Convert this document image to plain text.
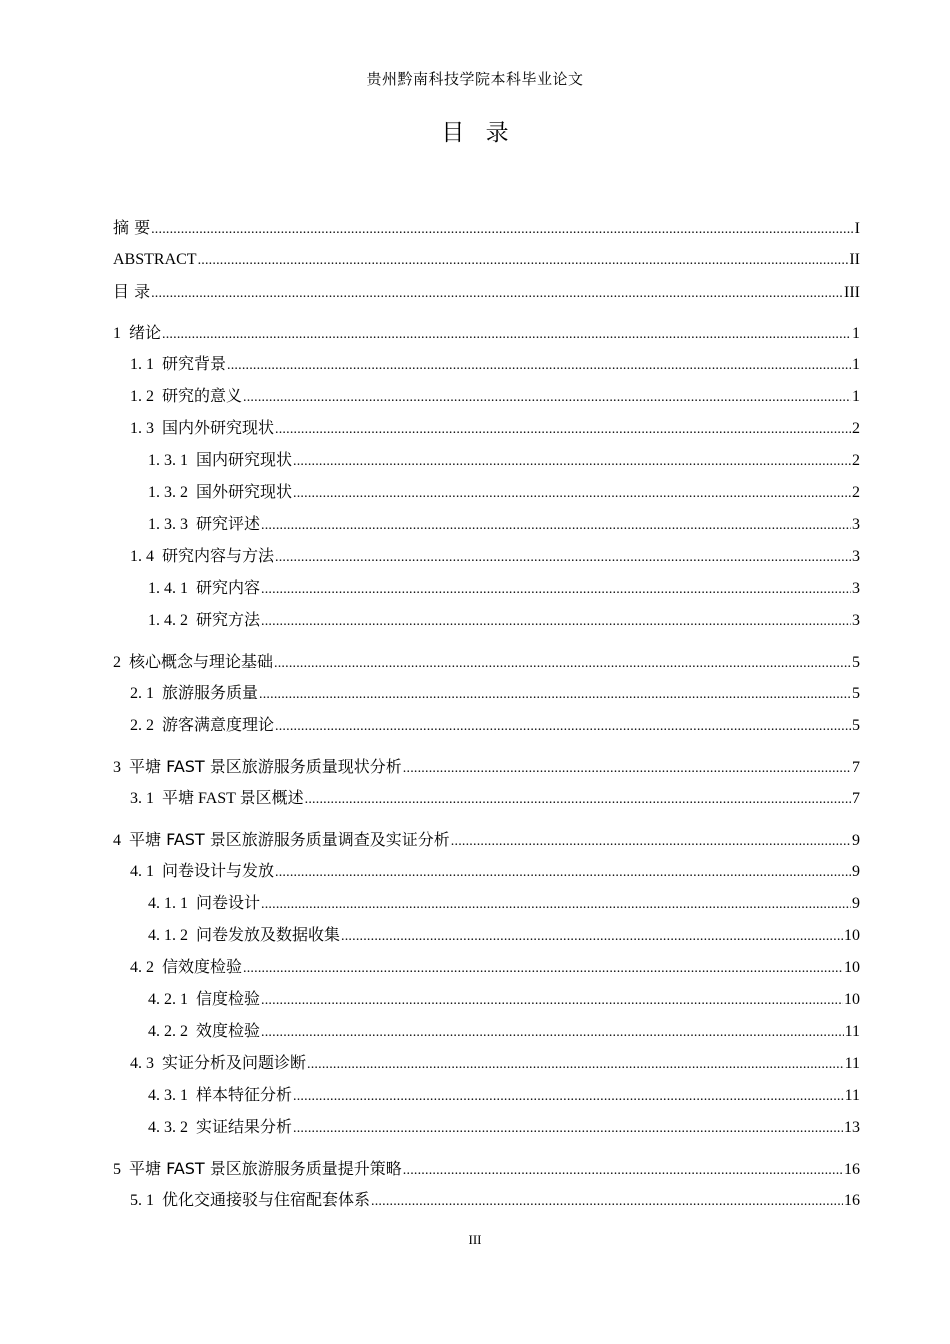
贵州黔南科技学院本科毕业论文
目 录
摘 要 .....	I
ABSTRACT .....	II
目 录 .....	III
1 绪论 .....	1
1. 1 研究背景 .....	1
1. 2 研究的意义 .....	1
1. 3 国内外研究现状 .....	2
1. 3. 1 国内研究现状 .....	2
1. 3. 2 国外研究现状 .....	2
1. 3. 3 研究评述 .....	3
1. 4 研究内容与方法 .....	3
1. 4. 1 研究内容 .....	3
1. 4. 2 研究方法 .....	3
2 核心概念与理论基础 .....	5
2. 1 旅游服务质量 .....	5
2. 2 游客满意度理论 .....	5
3 平塘 FAST 景区旅游服务质量现状分析 .....	7
3. 1 平塘 FAST 景区概述 .....	7
4 平塘 FAST 景区旅游服务质量调查及实证分析 .....	9
4. 1 问卷设计与发放 .....	9
4. 1. 1 问卷设计 .....	9
4. 1. 2 问卷发放及数据收集 .....	10
4. 2 信效度检验 .....	10
4. 2. 1 信度检验 .....	10
4. 2. 2 效度检验 .....	11
4. 3 实证分析及问题诊断 .....	11
4. 3. 1 样本特征分析 .....	11
4. 3. 2 实证结果分析 .....	13
5 平塘 FAST 景区旅游服务质量提升策略 .....	16
5. 1 优化交通接驳与住宿配套体系 .....	16
III
